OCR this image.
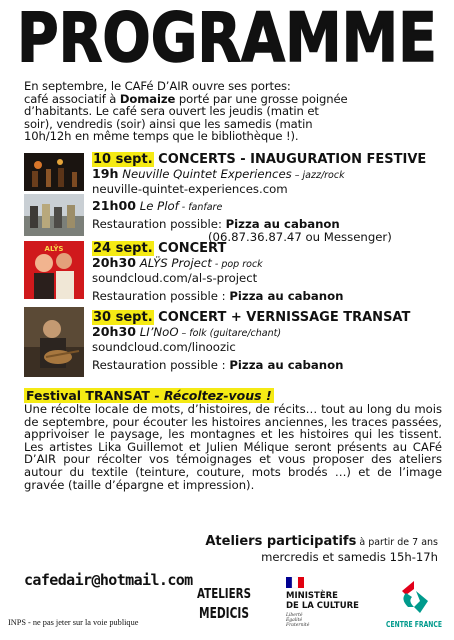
PROGRAMME
En septembre, le CAFé D’AIR ouvre ses portes:
café associatif à Domaize porté par une grosse poignée
d’habitants. Le café sera ouvert les jeudis (matin et
soir), vendredis (soir) ainsi que les samedis (matin
10h/12h en même temps que le bibliothèque !).
10 sept. CONCERTS - INAUGURATION FESTIVE
19h Neuville Quintet Experiences – jazz/rock
neuville-quintet-experiences.com
21h00 Le Plof - fanfare
Restauration possible: Pizza au cabanon
(06.87.36.87.47 ou Messenger)
ALŸS 24 sept. CONCERT
20h30 ALŸS Project - pop rock
soundcloud.com/al-s-project
Restauration possible : Pizza au cabanon
30 sept. CONCERT + VERNISSAGE TRANSAT
20h30 LI’NoO – folk (guitare/chant)
soundcloud.com/linoozic
Restauration possible : Pizza au cabanon
Festival TRANSAT - Récoltez-vous !
Une récolte locale de mots, d’histoires, de récits… tout au long du mois de septembre, pour écouter les histoires anciennes, les traces passées, apprivoiser le paysage, les montagnes et les histoires qui les tissent. Les artistes Lika Guillemot et Julien Mélique seront présents au CAFé D’AIR pour récolter vos témoignages et vous proposer des ateliers autour du textile (teinture, couture, mots brodés …) et de l’image gravée (taille d’épargne et impression).
Ateliers participatifs à partir de 7 ans
mercredis et samedis 15h-17h
cafedair@hotmail.com
INPS - ne pas jeter sur la voie publique
ATELIERS
MEDICIS
MINISTÈRE
DE LA CULTURE
Liberté
Égalité
Fraternité	CENTRE FRANCE
